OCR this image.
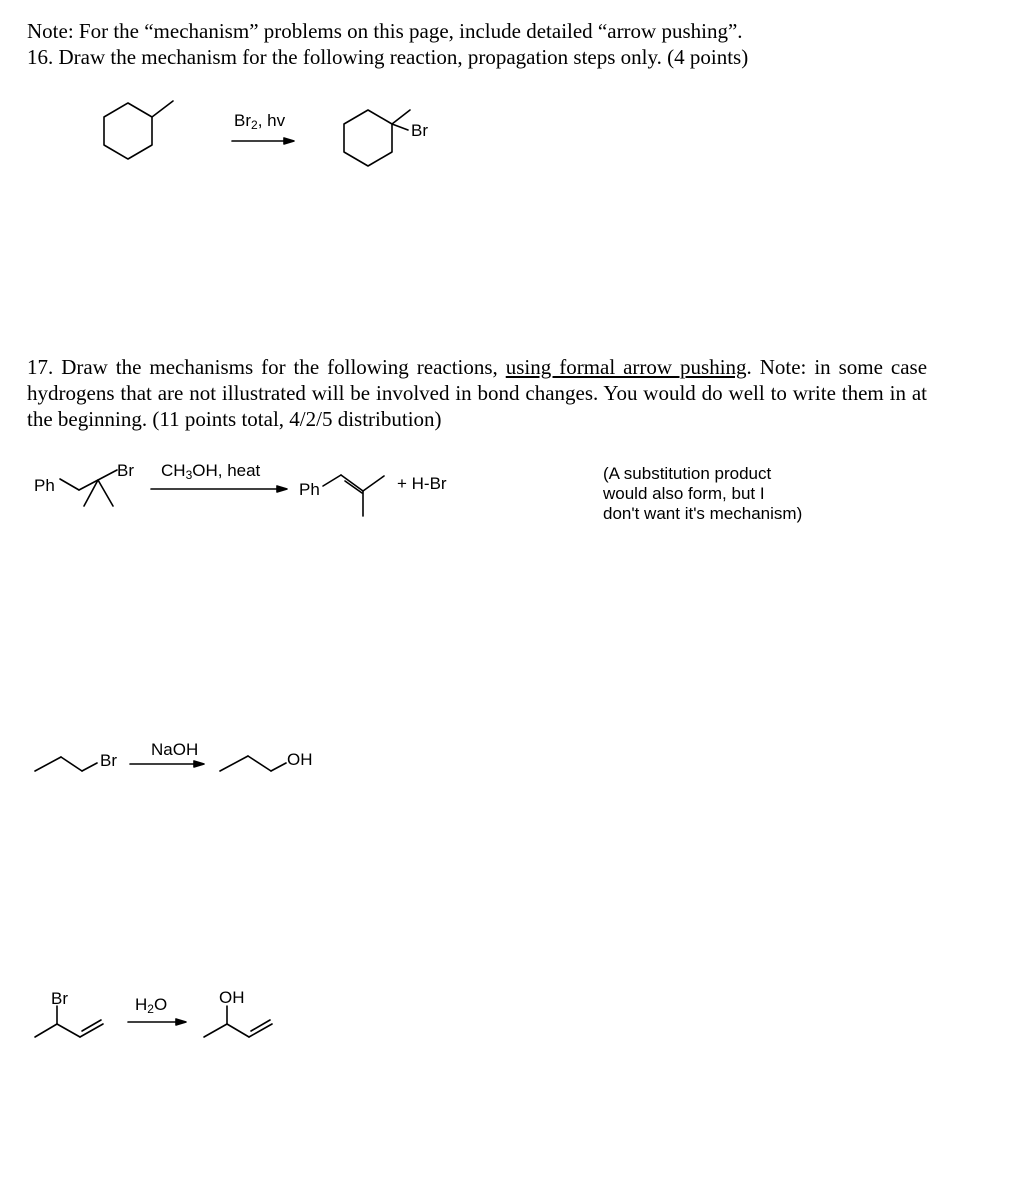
Note: For the “mechanism” problems on this page, include detailed “arrow pushing”.
16. Draw the mechanism for the following reaction, propagation steps only. (4 points)
$Br_2$, hv
Br

17. Draw the mechanisms for the following reactions, using formal arrow pushing. Note: in some case hydrogens that are not illustrated will be involved in bond changes. You would do well to write them in at the beginning. (11 points total, 4/2/5 distribution)

Ph
Br $CH_3OH$, heat
Ph	+ H-Br

(A substitution product

would also form, but I

don't want it's mechanism)

Br
NaOH
OH
Br	$H_2O$	OH
